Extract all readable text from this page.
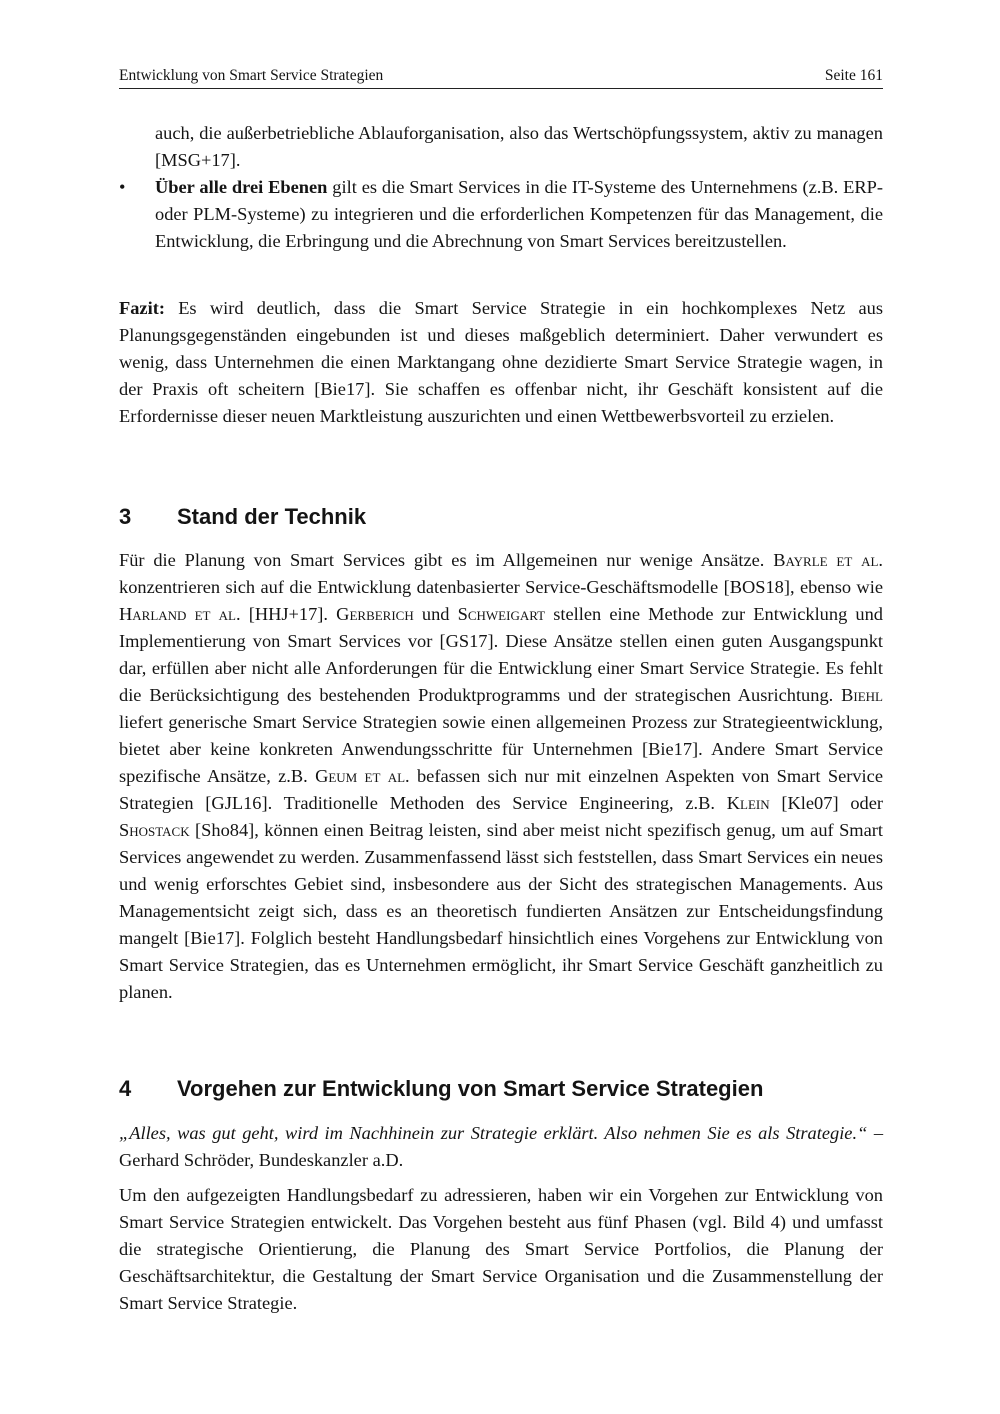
Entwicklung von Smart Service Strategien	Seite 161

auch, die außerbetriebliche Ablauforganisation, also das Wertschöpfungssystem, aktiv zu managen [MSG+17].

•	Über alle drei Ebenen gilt es die Smart Services in die IT-Systeme des Unternehmens (z.B. ERP- oder PLM-Systeme) zu integrieren und die erforderlichen Kompetenzen für das Management, die Entwicklung, die Erbringung und die Abrechnung von Smart Services bereitzustellen.

Fazit: Es wird deutlich, dass die Smart Service Strategie in ein hochkomplexes Netz aus Planungsgegenständen eingebunden ist und dieses maßgeblich determiniert. Daher verwundert es wenig, dass Unternehmen die einen Marktangang ohne dezidierte Smart Service Strategie wagen, in der Praxis oft scheitern [Bie17]. Sie schaffen es offenbar nicht, ihr Geschäft konsistent auf die Erfordernisse dieser neuen Marktleistung auszurichten und einen Wettbewerbsvorteil zu erzielen.

3 Stand der Technik

Für die Planung von Smart Services gibt es im Allgemeinen nur wenige Ansätze. Bayrle et al. konzentrieren sich auf die Entwicklung datenbasierter Service-Geschäftsmodelle [BOS18], ebenso wie Harland et al. [HHJ+17]. Gerberich und Schweigart stellen eine Methode zur Entwicklung und Implementierung von Smart Services vor [GS17]. Diese Ansätze stellen einen guten Ausgangspunkt dar, erfüllen aber nicht alle Anforderungen für die Entwicklung einer Smart Service Strategie. Es fehlt die Berücksichtigung des bestehenden Produktprogramms und der strategischen Ausrichtung. Biehl liefert generische Smart Service Strategien sowie einen allgemeinen Prozess zur Strategieentwicklung, bietet aber keine konkreten Anwendungsschritte für Unternehmen [Bie17]. Andere Smart Service spezifische Ansätze, z.B. Geum et al. befassen sich nur mit einzelnen Aspekten von Smart Service Strategien [GJL16]. Traditionelle Methoden des Service Engineering, z.B. Klein [Kle07] oder Shostack [Sho84], können einen Beitrag leisten, sind aber meist nicht spezifisch genug, um auf Smart Services angewendet zu werden. Zusammenfassend lässt sich feststellen, dass Smart Services ein neues und wenig erforschtes Gebiet sind, insbesondere aus der Sicht des strategischen Managements. Aus Managementsicht zeigt sich, dass es an theoretisch fundierten Ansätzen zur Entscheidungsfindung mangelt [Bie17]. Folglich besteht Handlungsbedarf hinsichtlich eines Vorgehens zur Entwicklung von Smart Service Strategien, das es Unternehmen ermöglicht, ihr Smart Service Geschäft ganzheitlich zu planen.

4 Vorgehen zur Entwicklung von Smart Service Strategien

„Alles, was gut geht, wird im Nachhinein zur Strategie erklärt. Also nehmen Sie es als Strategie.“ – Gerhard Schröder, Bundeskanzler a.D.

Um den aufgezeigten Handlungsbedarf zu adressieren, haben wir ein Vorgehen zur Entwicklung von Smart Service Strategien entwickelt. Das Vorgehen besteht aus fünf Phasen (vgl. Bild 4) und umfasst die strategische Orientierung, die Planung des Smart Service Portfolios, die Planung der Geschäftsarchitektur, die Gestaltung der Smart Service Organisation und die Zusammenstellung der Smart Service Strategie.
